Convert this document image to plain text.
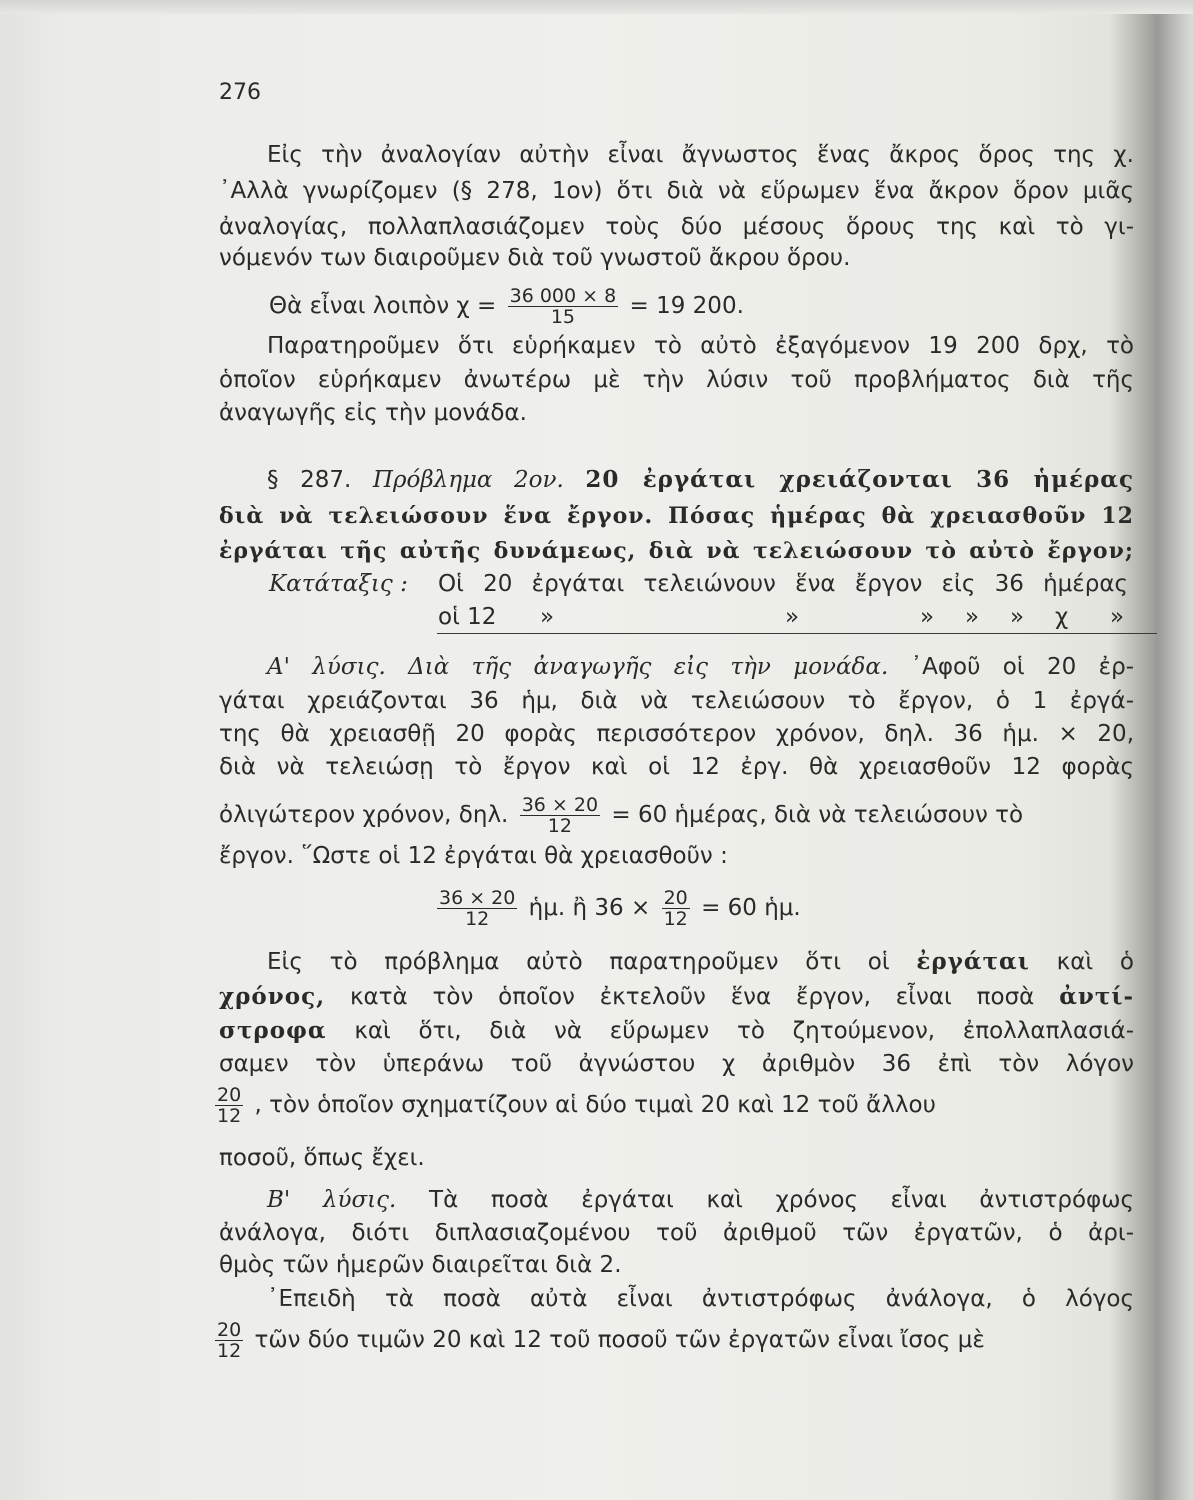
276
Εἰς τὴν ἀναλογίαν αὐτὴν εἶναι ἄγνωστος ἕνας ἄκρος ὅρος της χ.
᾿Αλλὰ γνωρίζομεν (§ 278, 1ον) ὅτι διὰ νὰ εὕρωμεν ἕνα ἄκρον ὅρον μιᾶς
ἀναλογίας, πολλαπλασιάζομεν τοὺς δύο μέσους ὅρους της καὶ τὸ γι-
νόμενόν των διαιροῦμεν διὰ τοῦ γνωστοῦ ἄκρου ὅρου.
Θὰ εἶναι λοιπὸν $\chi = \frac{36 000 \times 8}{15} = 19$ 200.
Παρατηροῦμεν ὅτι εὑρήκαμεν τὸ αὐτὸ ἐξαγόμενον 19 200 δρχ, τὸ
ὁποῖον εὑρήκαμεν ἀνωτέρω μὲ τὴν λύσιν τοῦ προβλήματος διὰ τῆς
ἀναγωγῆς εἰς τὴν μονάδα.
§ 287. Πρόβλημα 2ον. 20 ἐργάται χρειάζονται 36 ἡμέρας
διὰ νὰ τελειώσουν ἕνα ἔργον. Πόσας ἡμέρας θὰ χρειασθοῦν 12
ἐργάται τῆς αὐτῆς δυνάμεως, διὰ νὰ τελειώσουν τὸ αὐτὸ ἔργον;
Κατάταξις : Οἱ 20 ἐργάται τελειώνουν ἕνα ἔργον εἰς 36 ἡμέρας
οἱ 12 »	»	» » » χ »
Α' λύσις. Διὰ τῆς ἀναγωγῆς εἰς τὴν μονάδα. ᾿Αφοῦ οἱ 20 ἐρ-
γάται χρειάζονται 36 ἡμ, διὰ νὰ τελειώσουν τὸ ἔργον, ὁ 1 ἐργά-
της θὰ χρειασθῇ 20 φορὰς περισσότερον χρόνον, δηλ. 36 ἡμ. × 20,
διὰ νὰ τελειώσῃ τὸ ἔργον καὶ οἱ 12 ἐργ. θὰ χρειασθοῦν 12 φορὰς
ὀλιγώτερον χρόνον, δηλ. $\frac{36 \times 20}{12} = 60$ ἡμέρας, διὰ νὰ τελειώσουν τὸ
ἔργον. ῞Ωστε οἱ 12 ἐργάται θὰ χρειασθοῦν :
$\frac{36 \times 20}{12}$ ἡμ. ἢ $36 \times \frac{20}{12} = 60$ ἡμ.
Εἰς τὸ πρόβλημα αὐτὸ παρατηροῦμεν ὅτι οἱ ἐργάται καὶ ὁ
χρόνος, κατὰ τὸν ὁποῖον ἐκτελοῦν ἕνα ἔργον, εἶναι ποσὰ ἀντί-
στροφα καὶ ὅτι, διὰ νὰ εὕρωμεν τὸ ζητούμενον, ἐπολλαπλασιά-
σαμεν τὸν ὑπεράνω τοῦ ἀγνώστου χ ἀριθμὸν 36 ἐπὶ τὸν λόγον
$\frac{20}{12}$ , τὸν ὁποῖον σχηματίζουν αἱ δύο τιμαὶ 20 καὶ 12 τοῦ ἄλλου
ποσοῦ, ὅπως ἔχει.
Β' λύσις. Τὰ ποσὰ ἐργάται καὶ χρόνος εἶναι ἀντιστρόφως
ἀνάλογα, διότι διπλασιαζομένου τοῦ ἀριθμοῦ τῶν ἐργατῶν, ὁ ἀρι-
θμὸς τῶν ἡμερῶν διαιρεῖται διὰ 2.
᾿Επειδὴ τὰ ποσὰ αὐτὰ εἶναι ἀντιστρόφως ἀνάλογα, ὁ λόγος
$\frac{20}{12}$ τῶν δύο τιμῶν 20 καὶ 12 τοῦ ποσοῦ τῶν ἐργατῶν εἶναι ἴσος μὲ
